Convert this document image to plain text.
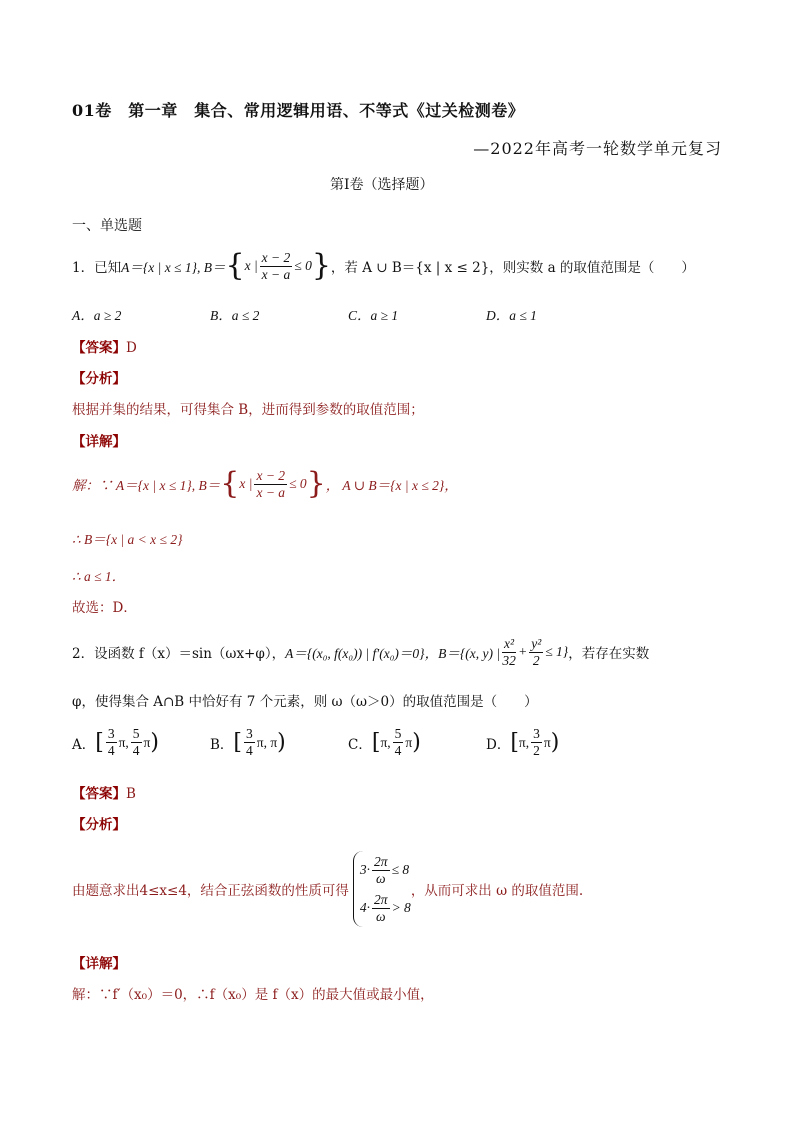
01卷　第一章　集合、常用逻辑用语、不等式《过关检测卷》
—2022年高考一轮数学单元复习
第I卷（选择题）
一、单选题
1．已知 A＝{x | x ≤ 1}, B＝ { x | $\frac{x - 2}{x - a} \le 0$ } ，若 A ∪ B＝{x | x ≤ 2}，则实数 a 的取值范围是（　　）
A．a ≥ 2	B．a ≤ 2	C．a ≥ 1	D．a ≤ 1
【答案】D
【分析】
根据并集的结果，可得集合 B，进而得到参数的取值范围；
【详解】
解：∵ A＝{x | x ≤ 1}, B＝ { x | $\frac{x - 2}{x - a} \le 0$ } ， A ∪ B＝{x | x ≤ 2}，
∴ B＝{x | a < x ≤ 2}
∴ a ≤ 1．
故选：D．
2．设函数 f（x）＝sin（ωx+φ）， A＝{(x₀, f(x₀)) | f′(x₀)＝0} ，B＝{(x, y) | $\frac{\text{x²}}{32} + \frac{\text{y²}}{2} \le 1$} ，若存在实数
φ，使得集合 A∩B 中恰好有 7 个元素，则 ω（ω＞0）的取值范围是（　　）
A． [ $\frac{3}{4} \pi$, $\frac{5}{4}$ π )	B． [ $\frac{3}{4} \pi$, π )	C． [ π, $\frac{5}{4}$ π )	D． [ π, $\frac{3}{2}$ π )
【答案】B
【分析】
由题意求出4≤x≤4，结合正弦函数的性质可得
$3\cdot \frac{2\pi}{\omega} \le 8$
$4\cdot \frac{2\pi}{\omega} > 8$
，从而可求出 ω 的取值范围.
【详解】
解：∵f′（x₀）＝0，∴f（x₀）是 f（x）的最大值或最小值，
